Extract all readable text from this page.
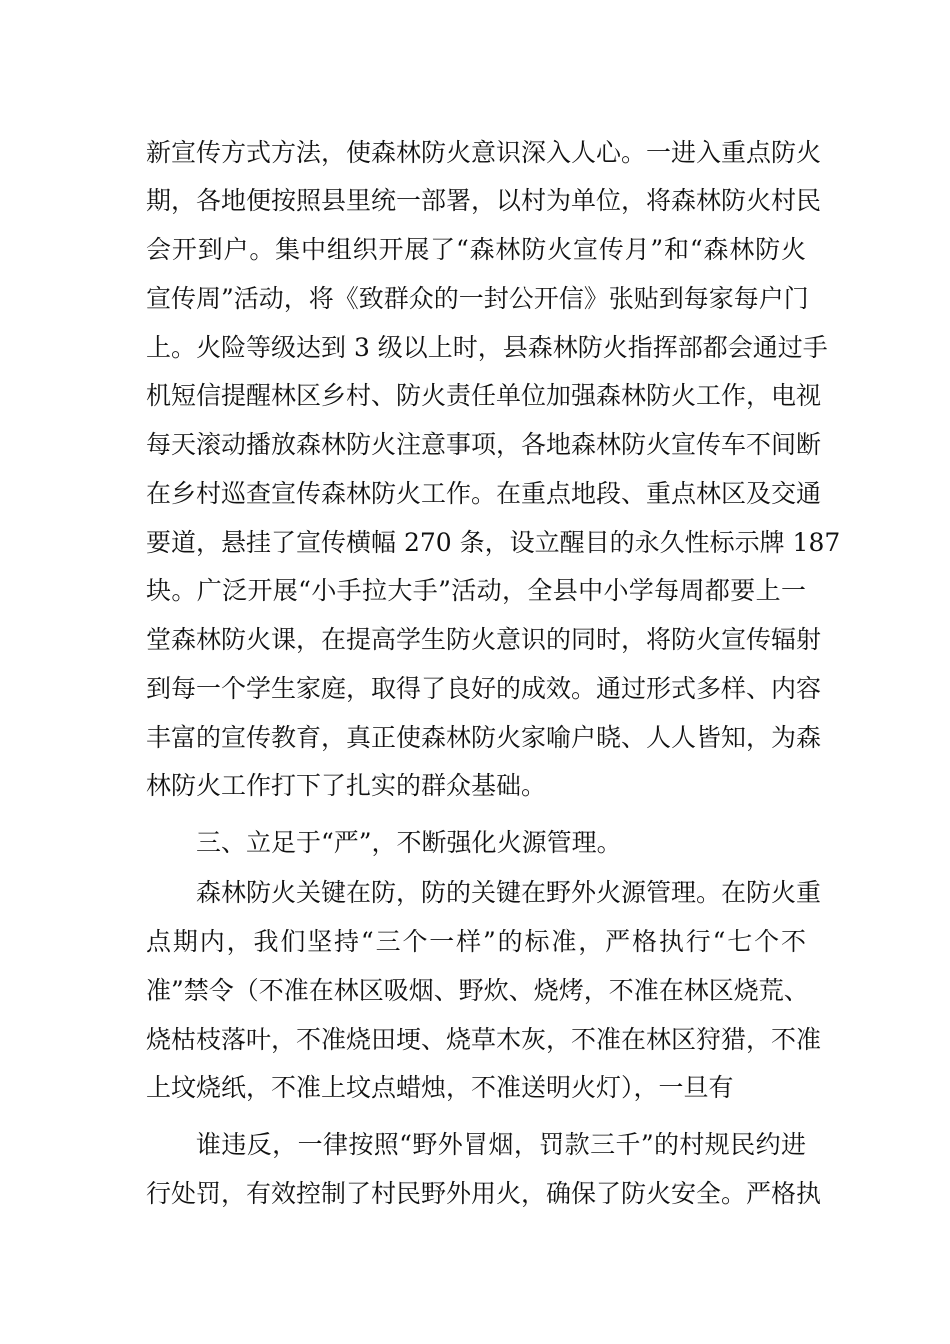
新宣传方式方法，使森林防火意识深入人心。一进入重点防火

期，各地便按照县里统一部署，以村为单位，将森林防火村民

会开到户。集中组织开展了“森林防火宣传月”和“森林防火

宣传周”活动，将《致群众的一封公开信》张贴到每家每户门

上。火险等级达到 3 级以上时，县森林防火指挥部都会通过手

机短信提醒林区乡村、防火责任单位加强森林防火工作，电视

每天滚动播放森林防火注意事项，各地森林防火宣传车不间断

在乡村巡查宣传森林防火工作。在重点地段、重点林区及交通

要道，悬挂了宣传横幅 270 条，设立醒目的永久性标示牌 187

块。广泛开展“小手拉大手”活动，全县中小学每周都要上一

堂森林防火课，在提高学生防火意识的同时，将防火宣传辐射

到每一个学生家庭，取得了良好的成效。通过形式多样、内容

丰富的宣传教育，真正使森林防火家喻户晓、人人皆知，为森

林防火工作打下了扎实的群众基础。

三、立足于“严”，不断强化火源管理。

森林防火关键在防，防的关键在野外火源管理。在防火重

点期内，我们坚持“三个一样”的标准，严格执行“七个不

准”禁令（不准在林区吸烟、野炊、烧烤，不准在林区烧荒、

烧枯枝落叶，不准烧田埂、烧草木灰，不准在林区狩猎，不准

上坟烧纸，不准上坟点蜡烛，不准送明火灯），一旦有

谁违反，一律按照“野外冒烟，罚款三千”的村规民约进

行处罚，有效控制了村民野外用火，确保了防火安全。严格执
